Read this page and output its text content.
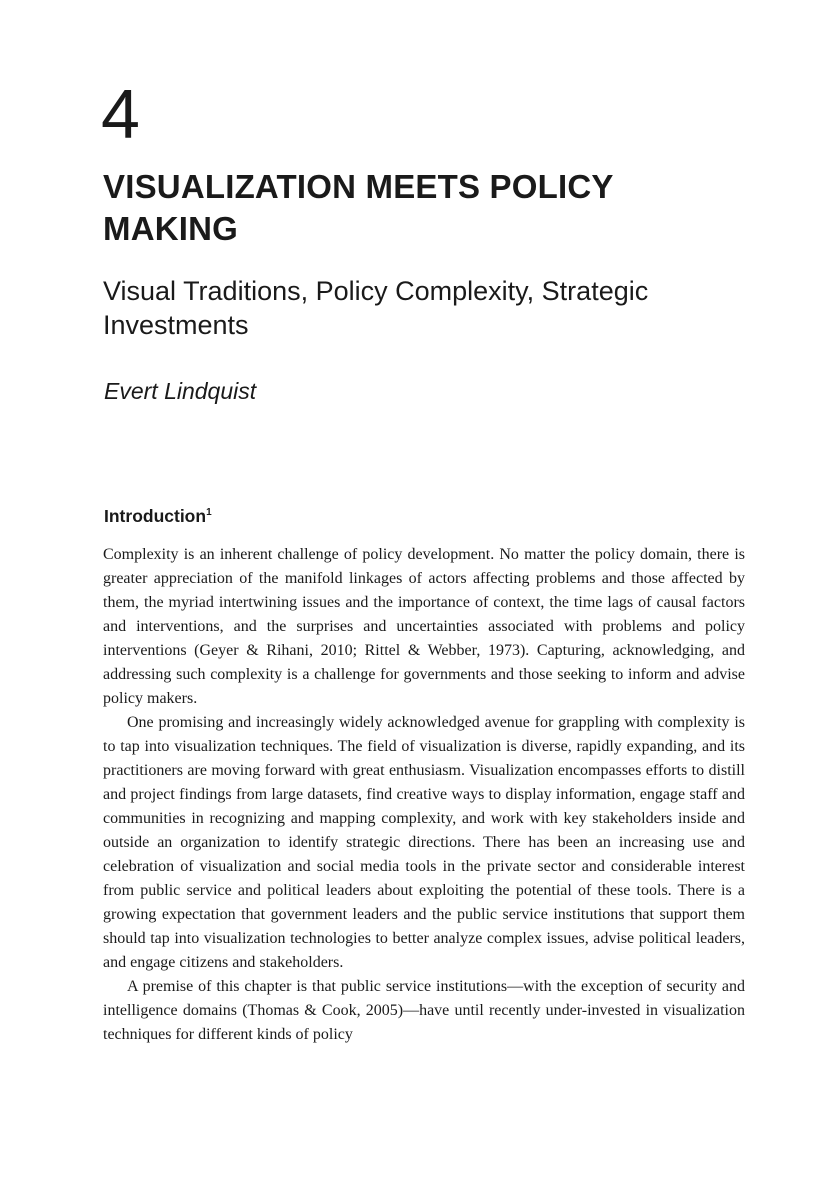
4
VISUALIZATION MEETS POLICY MAKING
Visual Traditions, Policy Complexity, Strategic Investments
Evert Lindquist
Introduction$^1$

Complexity is an inherent challenge of policy development. No matter the policy domain, there is greater appreciation of the manifold linkages of actors affecting problems and those affected by them, the myriad intertwining issues and the importance of context, the time lags of causal factors and interventions, and the surprises and uncertainties associated with problems and policy interventions (Geyer & Rihani, 2010; Rittel & Webber, 1973). Capturing, acknowledging, and addressing such complexity is a challenge for governments and those seeking to inform and advise policy makers.

One promising and increasingly widely acknowledged avenue for grappling with complexity is to tap into visualization techniques. The field of visualization is diverse, rapidly expanding, and its practitioners are moving forward with great enthusiasm. Visualization encompasses efforts to distill and project findings from large datasets, find creative ways to display information, engage staff and communities in recognizing and mapping complexity, and work with key stakeholders inside and outside an organization to identify strategic directions. There has been an increasing use and celebration of visualization and social media tools in the private sector and considerable interest from public service and political leaders about exploiting the potential of these tools. There is a growing expectation that government leaders and the public service institutions that support them should tap into visualization technologies to better analyze complex issues, advise political leaders, and engage citizens and stakeholders.

A premise of this chapter is that public service institutions—with the exception of security and intelligence domains (Thomas & Cook, 2005)—have until recently under-invested in visualization techniques for different kinds of policy
